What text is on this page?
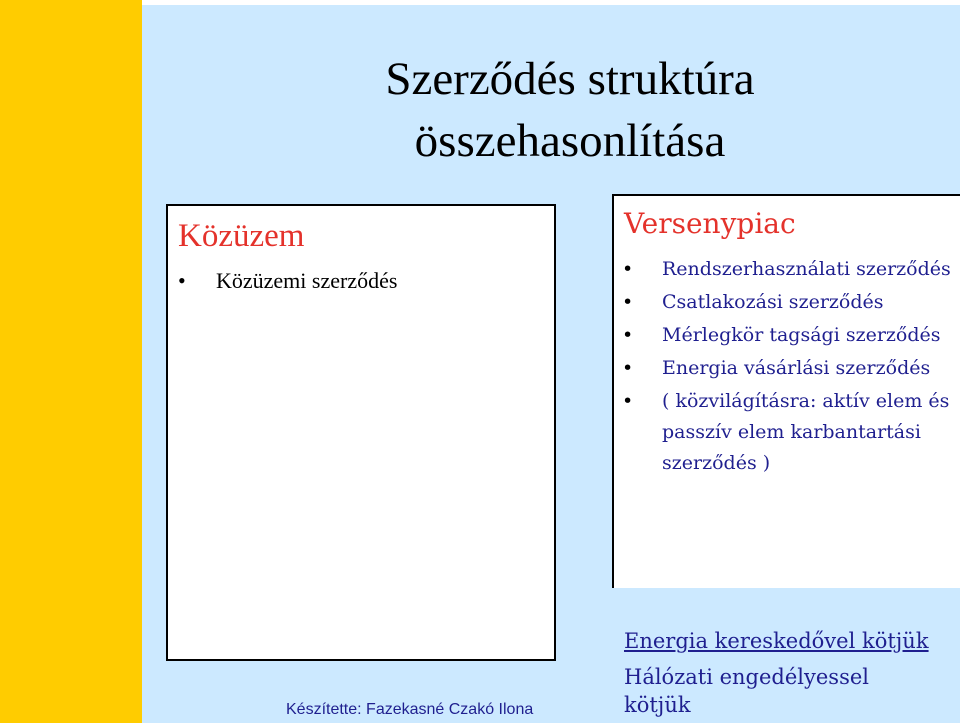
Szerződés struktúra
összehasonlítása
Közüzem
• Közüzemi szerződés
Versenypiac
• Rendszerhasználati szerződés
• Csatlakozási szerződés
• Mérlegkör tagsági szerződés
• Energia vásárlási szerződés
• ( közvilágításra: aktív elem és passzív elem karbantartási szerződés )
Energia kereskedővel kötjük
Hálózati engedélyessel kötjük
Készítette: Fazekasné Czakó Ilona
